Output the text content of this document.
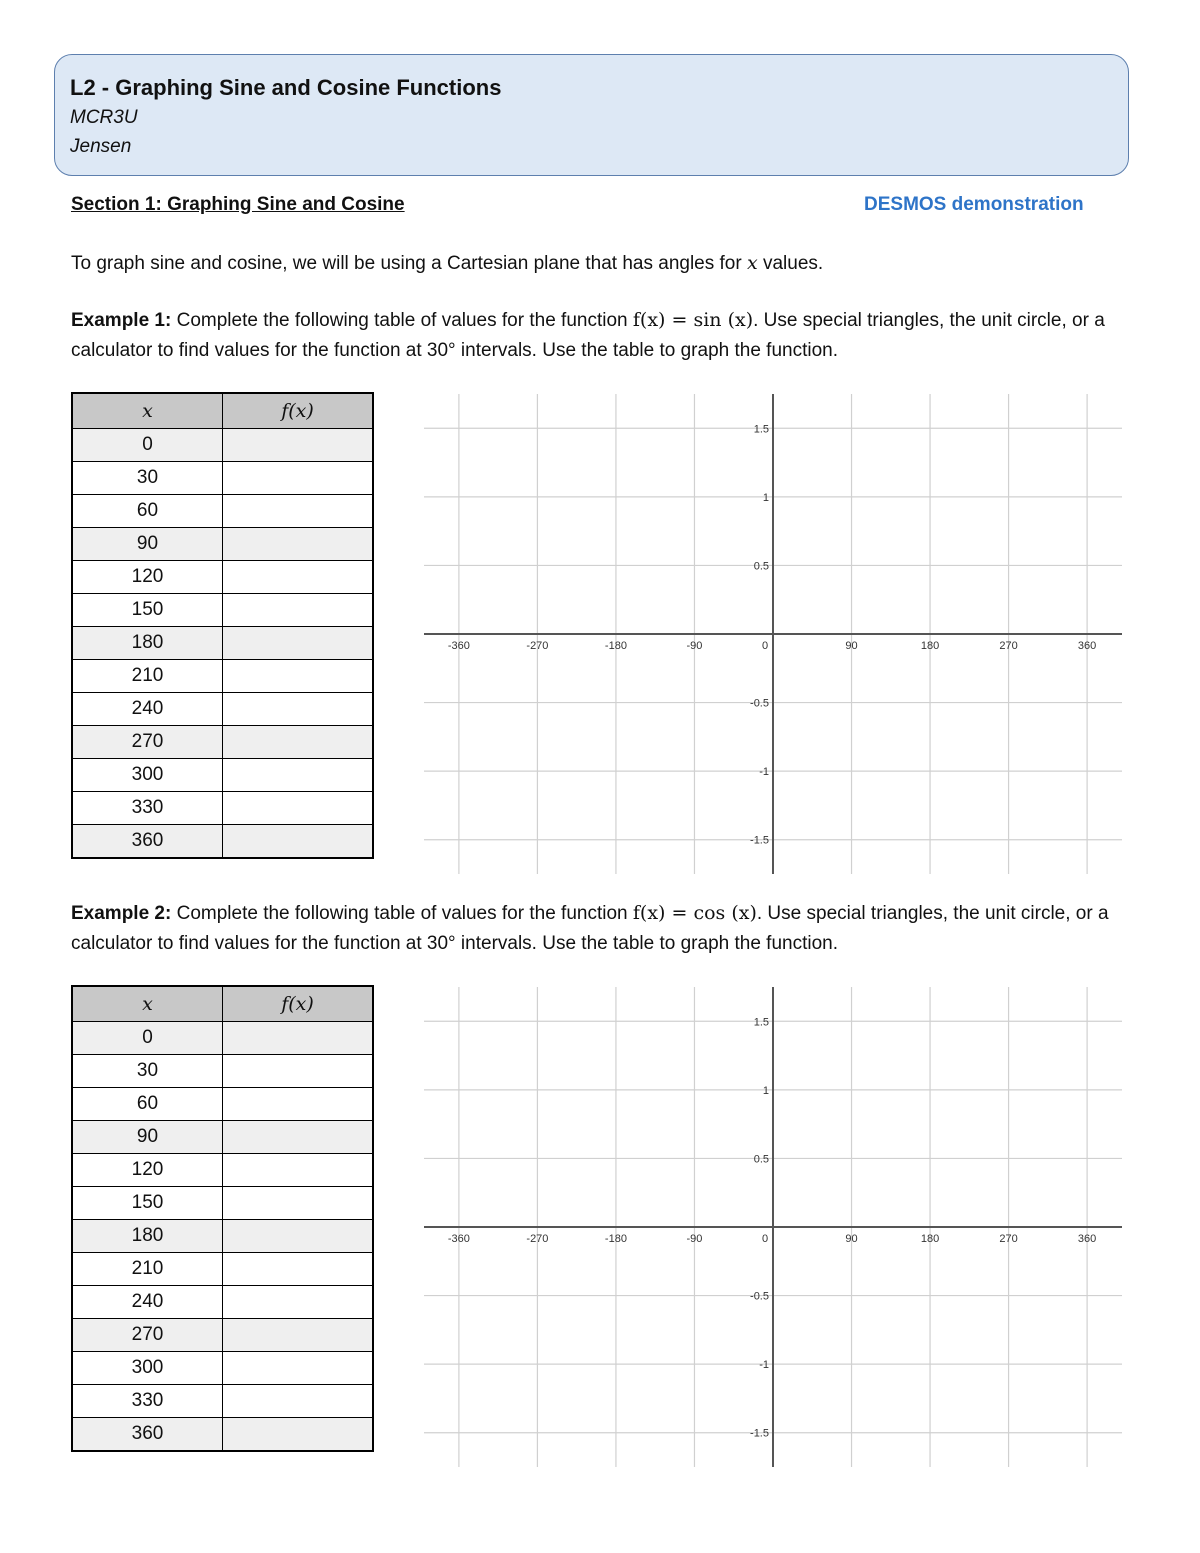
L2 - Graphing Sine and Cosine Functions
MCR3U
Jensen
Section 1: Graphing Sine and Cosine	DESMOS demonstration
To graph sine and cosine, we will be using a Cartesian plane that has angles for x values.
Example 1: Complete the following table of values for the function f(x) = sin (x). Use special triangles, the unit circle, or a calculator to find values for the function at 30° intervals. Use the table to graph the function.
x	f(x)
0	
30	
60	
90	
120	
150	
180	
210	
240	
270	
300	
330	
360	
-360	-270	-180	-90	0	90	180	270	360
1.5
1
0.5
-0.5
-1
-1.5
Example 2: Complete the following table of values for the function f(x) = cos (x). Use special triangles, the unit circle, or a calculator to find values for the function at 30° intervals. Use the table to graph the function.
x	f(x)
0	
30	
60	
90	
120	
150	
180	
210	
240	
270	
300	
330	
360	
-360	-270	-180	-90	0	90	180	270	360
1.5
1
0.5
-0.5
-1
-1.5
